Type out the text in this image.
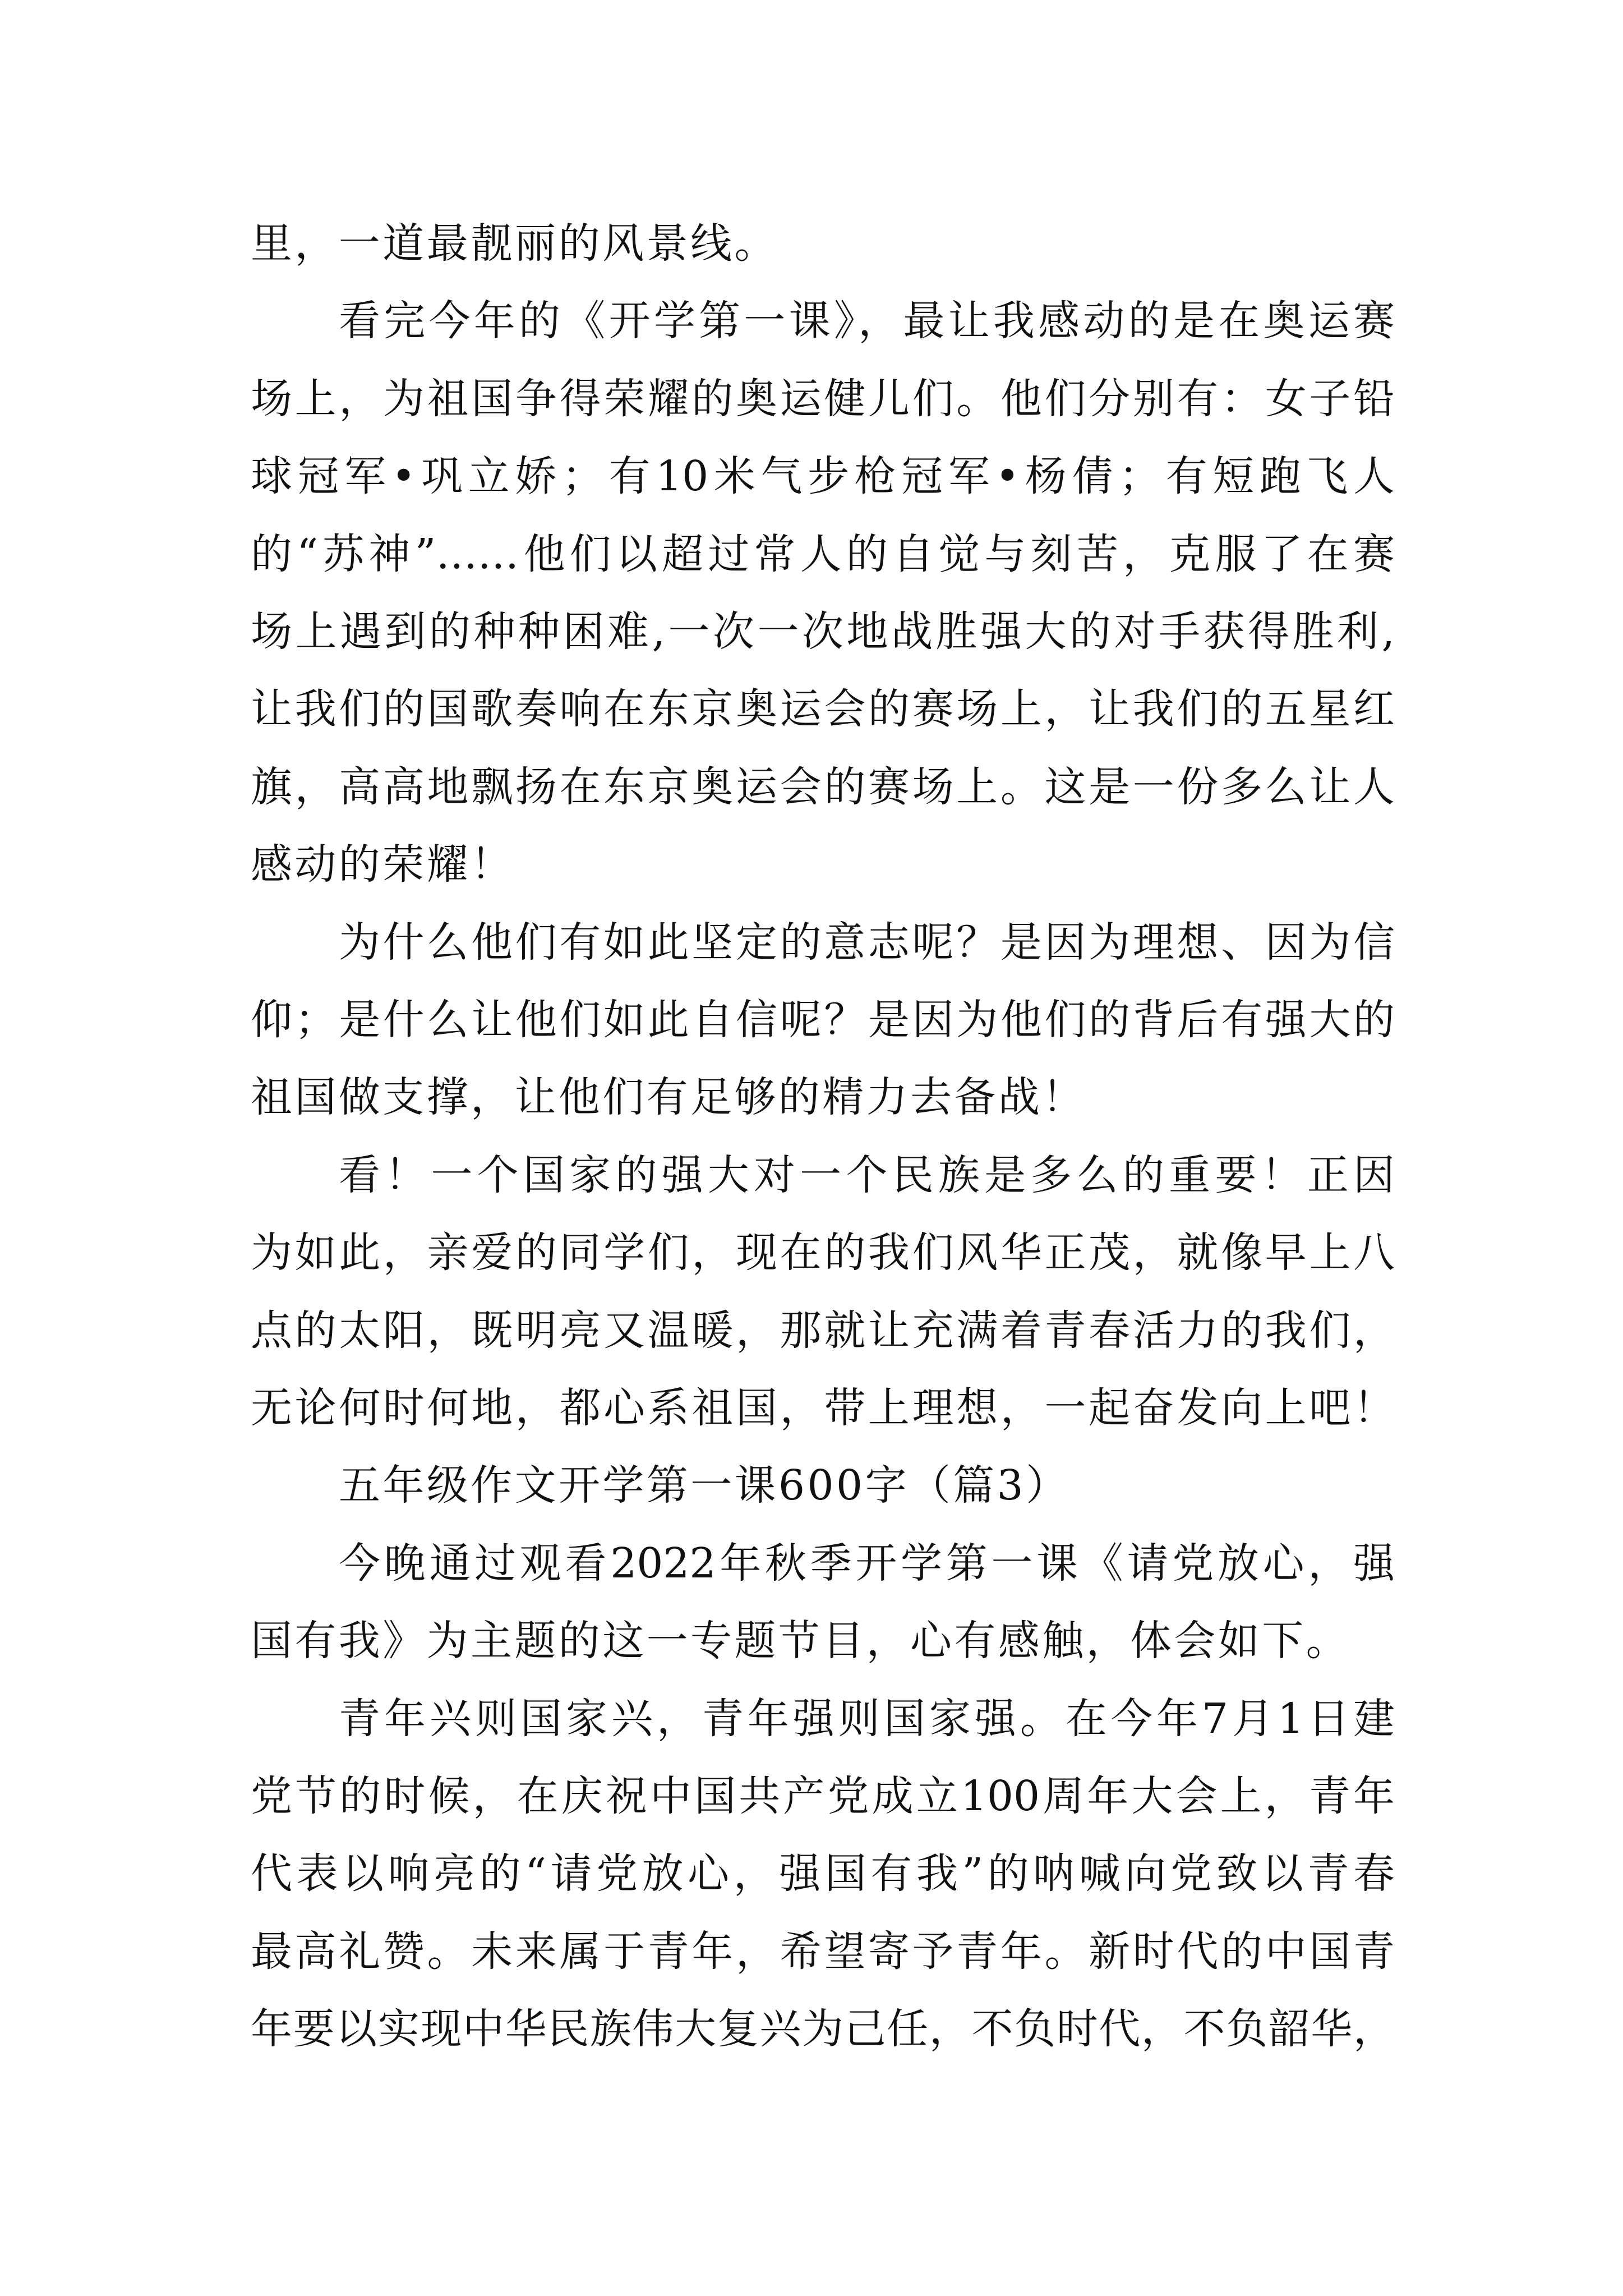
里，一道最靓丽的风景线。
看完今年的《开学第一课》，最让我感动的是在奥运赛
场上，为祖国争得荣耀的奥运健儿们。他们分别有：女子铅
球冠军•巩立娇；有10米气步枪冠军•杨倩；有短跑飞人
的“苏神”……他们以超过常人的自觉与刻苦，克服了在赛
场上遇到的种种困难,一次一次地战胜强大的对手获得胜利,
让我们的国歌奏响在东京奥运会的赛场上，让我们的五星红
旗，高高地飘扬在东京奥运会的赛场上。这是一份多么让人
感动的荣耀！
为什么他们有如此坚定的意志呢？是因为理想、因为信
仰；是什么让他们如此自信呢？是因为他们的背后有强大的
祖国做支撑，让他们有足够的精力去备战！
看！一个国家的强大对一个民族是多么的重要！正因
为如此，亲爱的同学们，现在的我们风华正茂，就像早上八
点的太阳，既明亮又温暖，那就让充满着青春活力的我们，
无论何时何地，都心系祖国，带上理想，一起奋发向上吧！
五年级作文开学第一课600字（篇3）
今晚通过观看2022年秋季开学第一课《请党放心，强
国有我》为主题的这一专题节目，心有感触，体会如下。
青年兴则国家兴，青年强则国家强。在今年7月1日建
党节的时候，在庆祝中国共产党成立100周年大会上，青年
代表以响亮的“请党放心，强国有我”的呐喊向党致以青春
最高礼赞。未来属于青年，希望寄予青年。新时代的中国青
年要以实现中华民族伟大复兴为己任，不负时代，不负韶华，
